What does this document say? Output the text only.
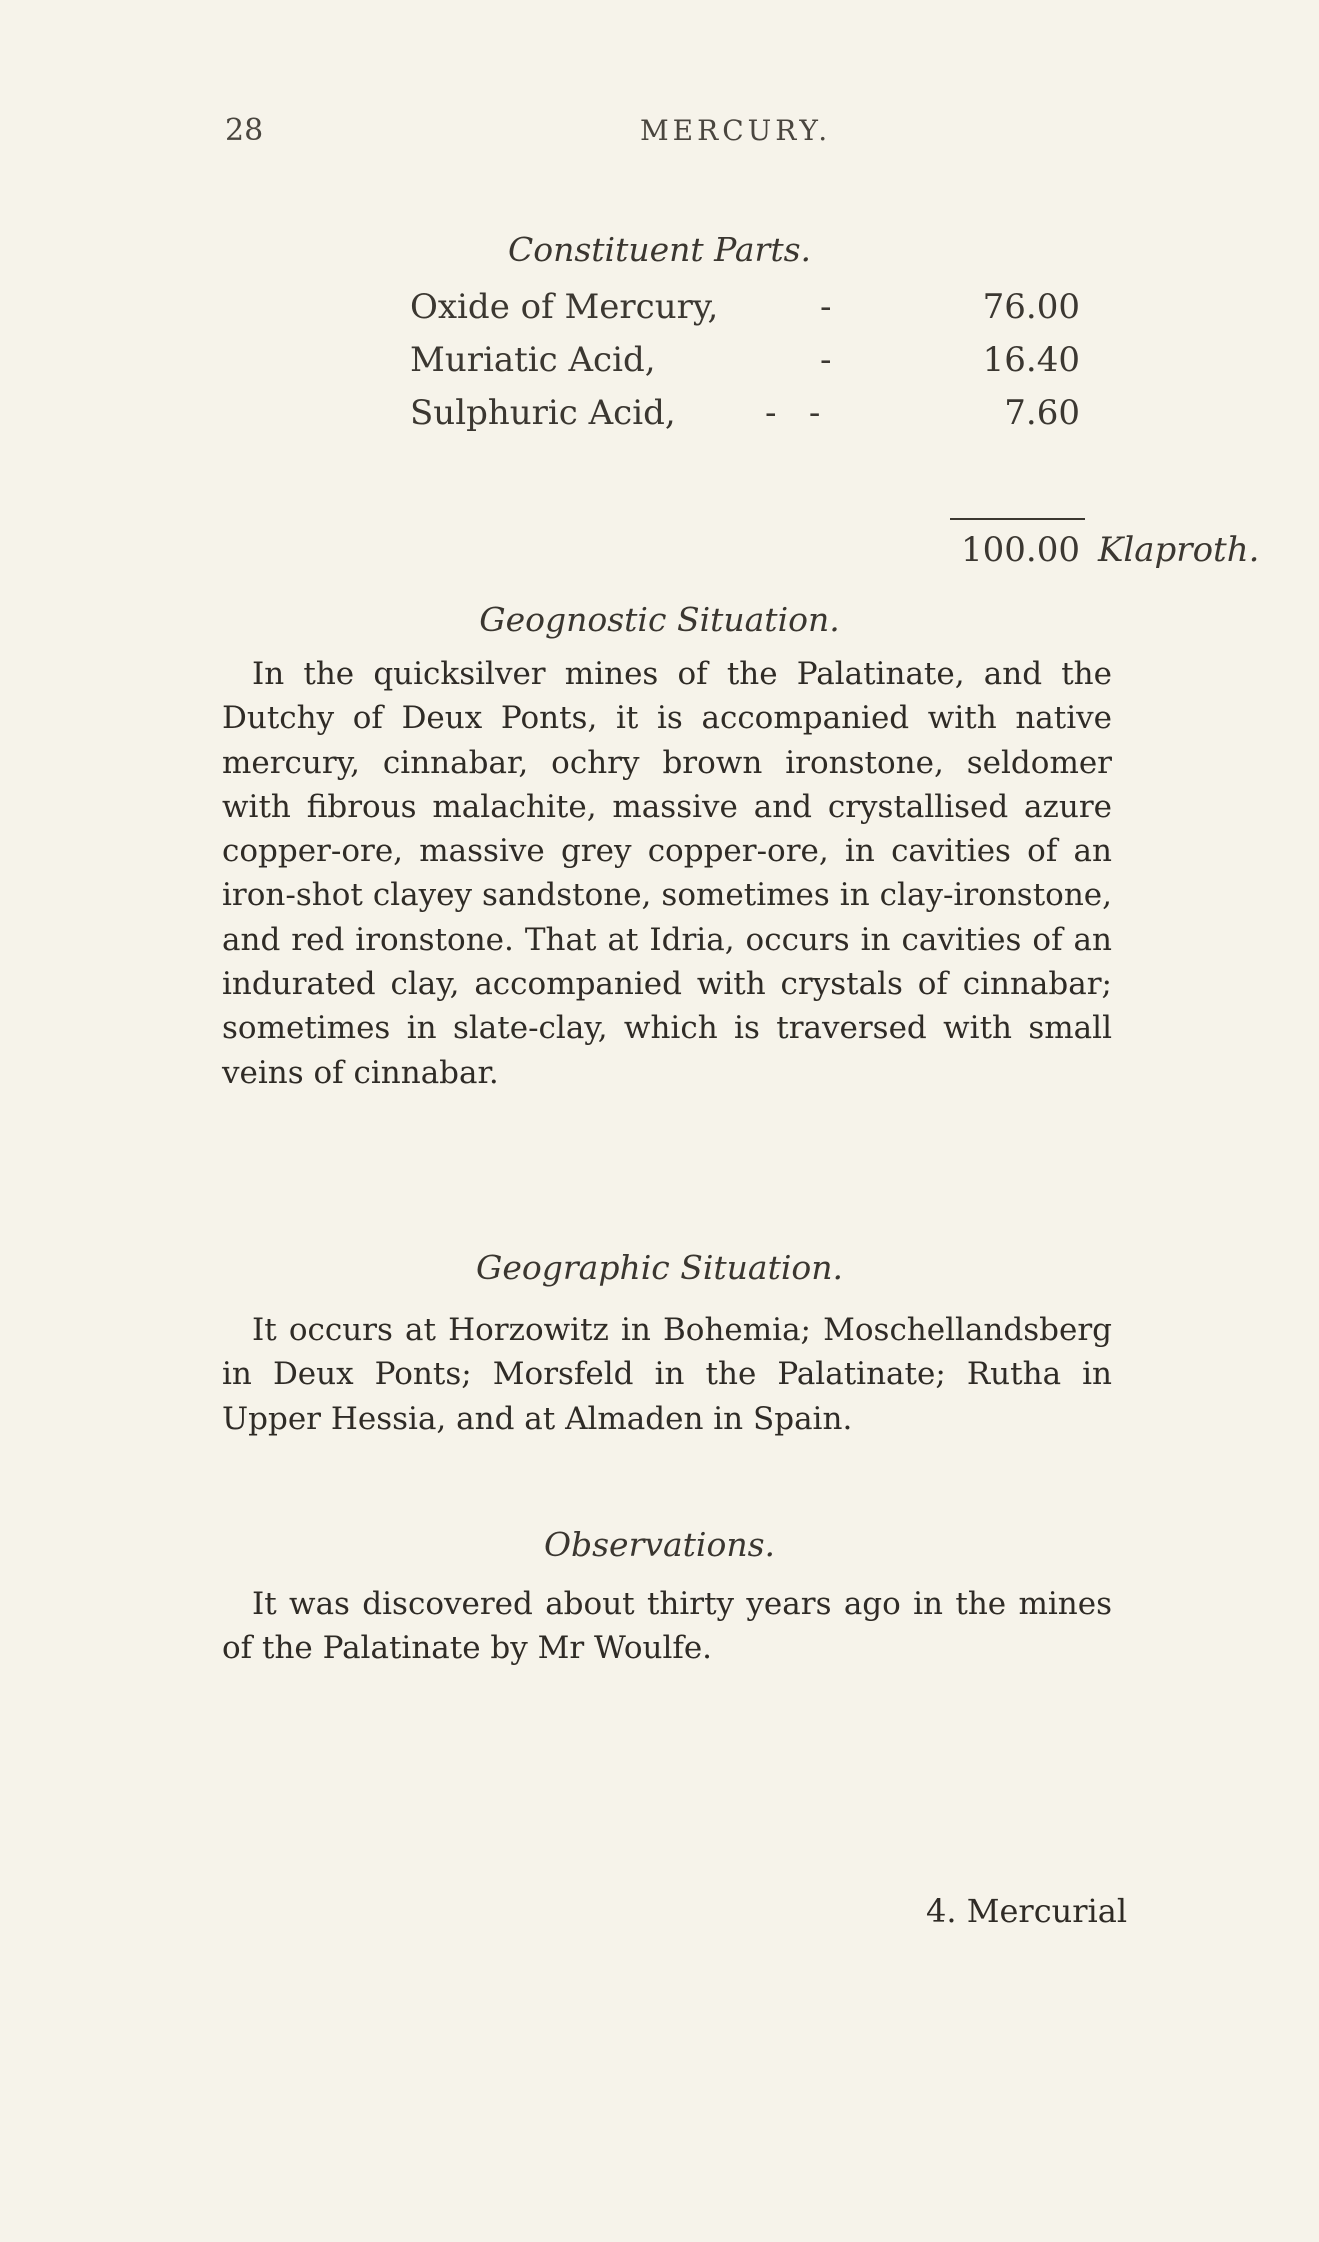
28	MERCURY.
Constituent Parts.
Oxide of Mercury,	-	76.00
Muriatic Acid,	-	16.40
Sulphuric Acid,	-   -	7.60
100.00 Klaproth.
Geognostic Situation.
In the quicksilver mines of the Palatinate, and the Dutchy of Deux Ponts, it is accompanied with native mercury, cinnabar, ochry brown ironstone, seldomer with fibrous malachite, massive and crystallised azure copper-ore, massive grey copper-ore, in cavities of an iron-shot clayey sandstone, sometimes in clay-ironstone, and red ironstone. That at Idria, occurs in cavities of an indurated clay, accompanied with crystals of cinnabar; sometimes in slate-clay, which is traversed with small veins of cinnabar.
Geographic Situation.
It occurs at Horzowitz in Bohemia; Moschellandsberg in Deux Ponts; Morsfeld in the Palatinate; Rutha in Upper Hessia, and at Almaden in Spain.
Observations.
It was discovered about thirty years ago in the mines of the Palatinate by Mr Woulfe.
4. Mercurial
